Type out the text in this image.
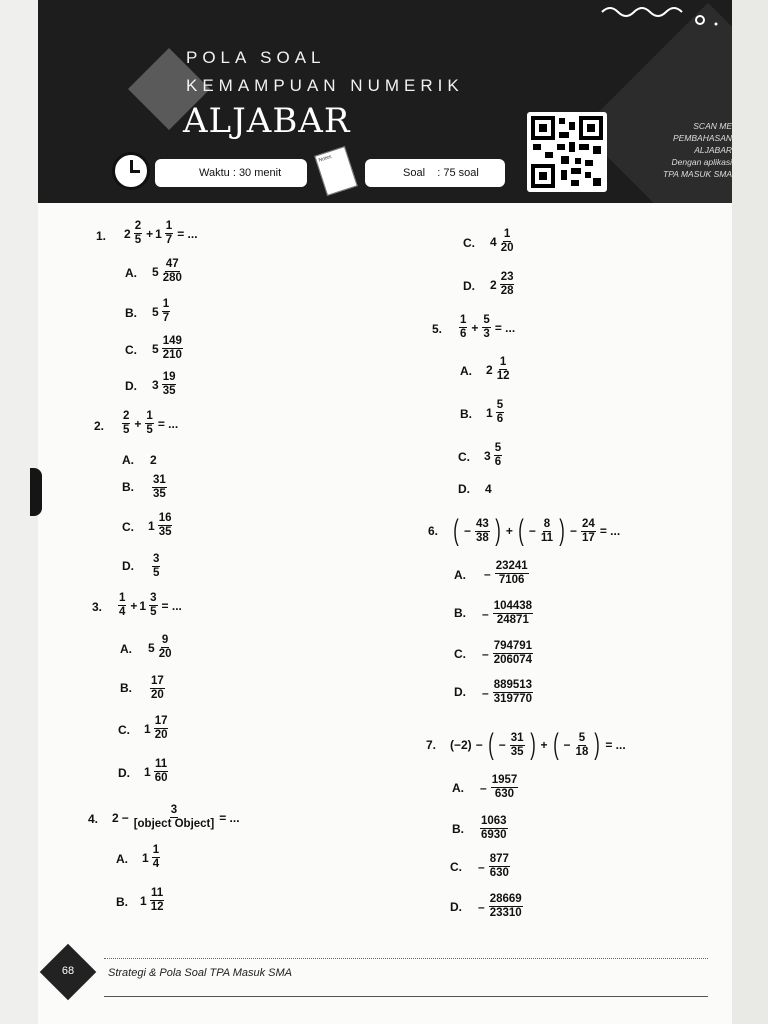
POLA SOAL
KEMAMPUAN NUMERIK
ALJABAR
Waktu
: 30 menit
Notes
Soal
: 75 soal
SCAN ME
PEMBAHASAN
ALJABAR
Dengan aplikasi
TPA MASUK SMA
1. $2 \frac{2}{5} + 1 \frac{1}{7}$ = ...
A. $5 \frac{47}{280}$
B. $5 \frac{1}{7}$
C. $5 \frac{149}{210}$
D. $3 \frac{19}{35}$
2. $\frac{2}{5} + \frac{1}{5}$ = ...
A. 2
B. $\frac{31}{35}$
C. $1 \frac{16}{35}$
D. $\frac{3}{5}$
3. $\frac{1}{4} + 1 \frac{3}{5}$ = ...
A. $5 \frac{9}{20}$
B. $\frac{17}{20}$
C. $1 \frac{17}{20}$
D. $1 \frac{11}{60}$
4. $2 - \frac{3}{\text{[object Object]}}$ = ...
A. $1 \frac{1}{4}$
B. $1 \frac{11}{12}$
C. $4 \frac{1}{20}$
D. $2 \frac{23}{28}$
5. $\frac{1}{6} + \frac{5}{3}$ = ...
A. $2 \frac{1}{12}$
B. $1 \frac{5}{6}$
C. $3 \frac{5}{6}$
D. 4
6. ( − $\frac{43}{38}$ ) + ( − $\frac{8}{11}$ ) − $\frac{24}{17}$ = ...
A. – $\frac{23241}{7106}$
B. – $\frac{104438}{24871}$
C. – $\frac{794791}{206074}$
D. – $\frac{889513}{319770}$
7. (−2) − ( − $\frac{31}{35}$ ) + ( − $\frac{5}{18}$ ) = ...
A. – $\frac{1957}{630}$
B. $\frac{1063}{6930}$
C. – $\frac{877}{630}$
D. – $\frac{28669}{23310}$
68	Strategi & Pola Soal TPA Masuk SMA
